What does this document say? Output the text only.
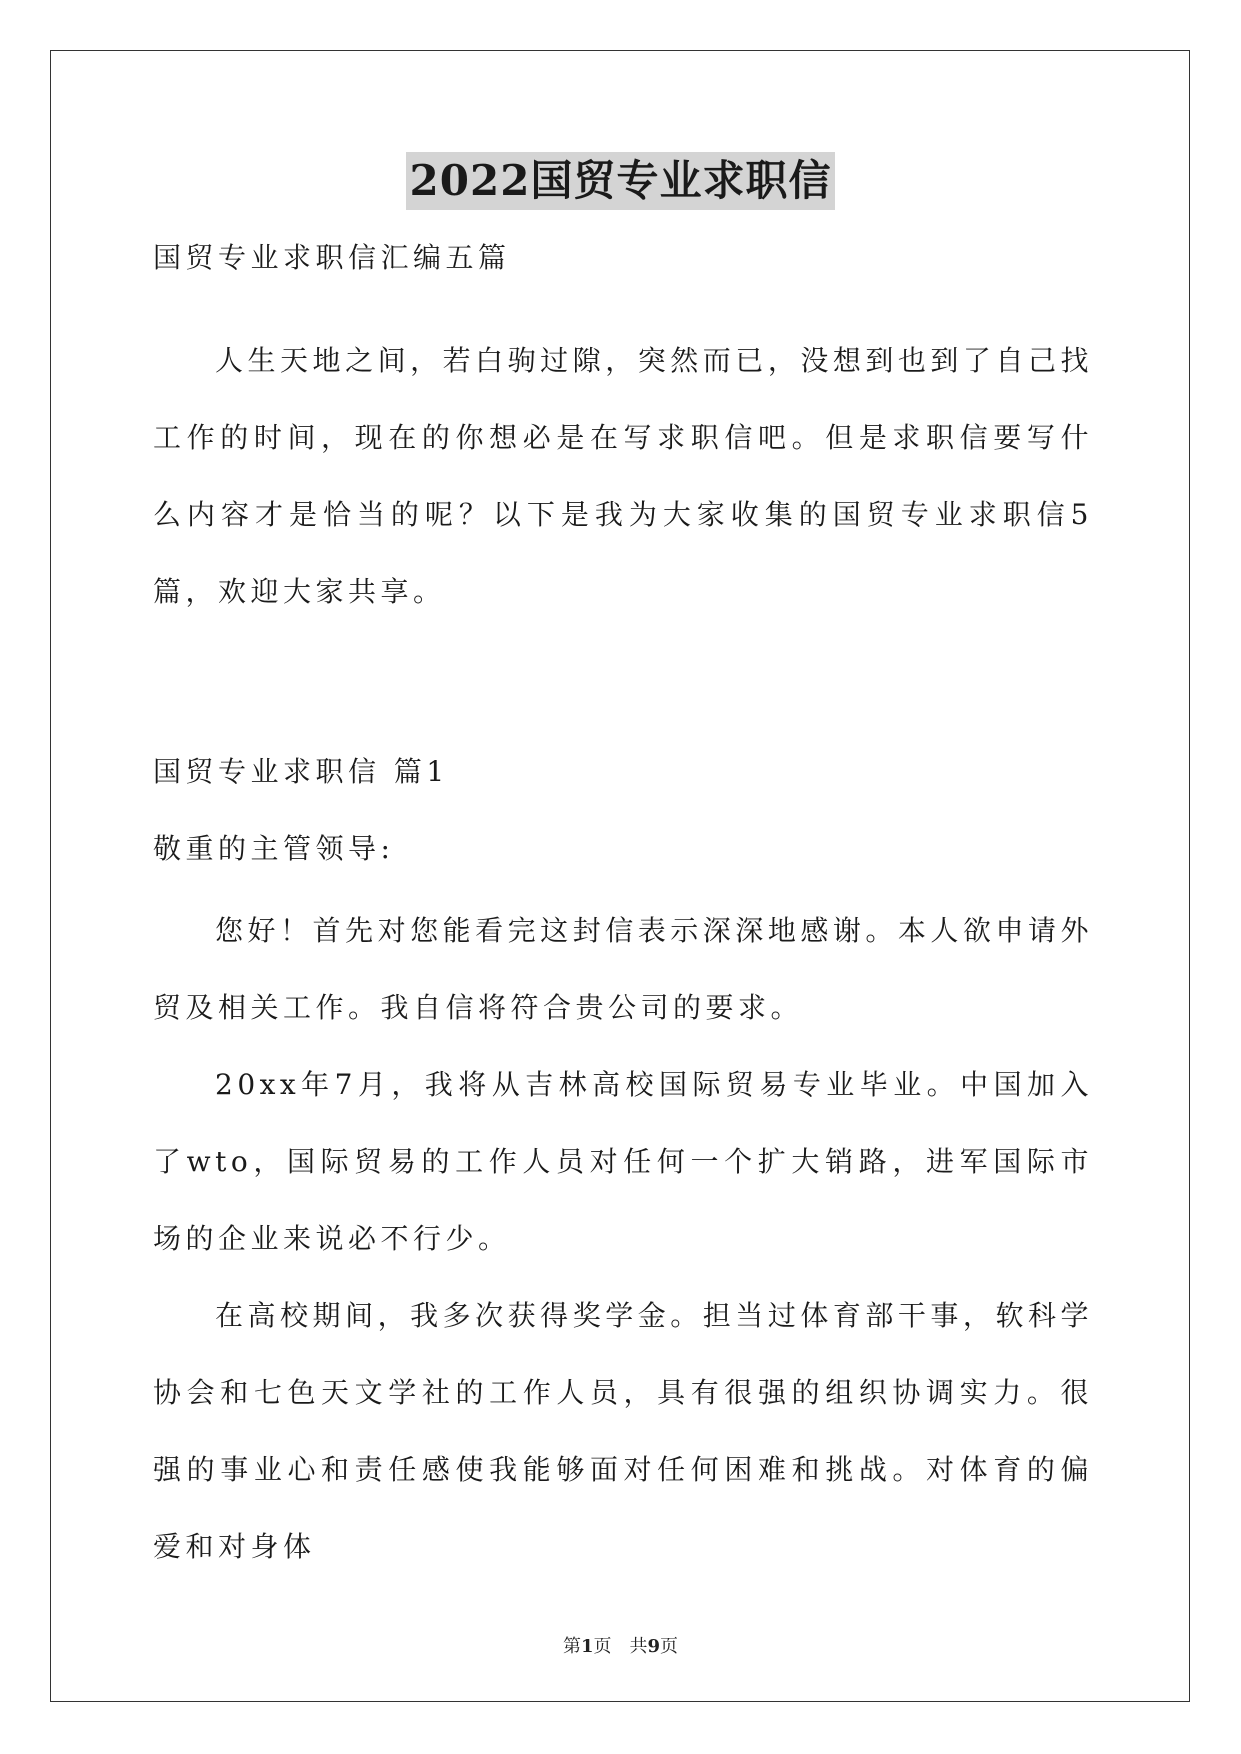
2022国贸专业求职信
国贸专业求职信汇编五篇
人生天地之间，若白驹过隙，突然而已，没想到也到了自己找工作的时间，现在的你想必是在写求职信吧。但是求职信要写什么内容才是恰当的呢？以下是我为大家收集的国贸专业求职信5篇，欢迎大家共享。
国贸专业求职信 篇1
敬重的主管领导:
您好！首先对您能看完这封信表示深深地感谢。本人欲申请外贸及相关工作。我自信将符合贵公司的要求。
20xx年7月，我将从吉林高校国际贸易专业毕业。中国加入了wto，国际贸易的工作人员对任何一个扩大销路，进军国际市场的企业来说必不行少。
在高校期间，我多次获得奖学金。担当过体育部干事，软科学协会和七色天文学社的工作人员，具有很强的组织协调实力。很强的事业心和责任感使我能够面对任何困难和挑战。对体育的偏爱和对身体
第1页　共9页
